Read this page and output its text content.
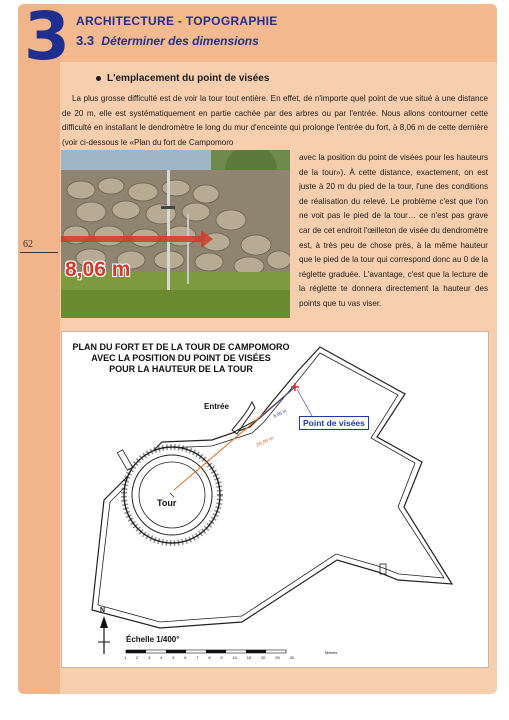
3 ARCHITECTURE - TOPOGRAPHIE
3.3 Déterminer des dimensions
62
L'emplacement du point de visées

La plus grosse difficulté est de voir la tour tout entière. En effet, de n'importe quel point de vue situé à une distance de 20 m, elle est systématiquement en partie cachée par des arbres ou par l'entrée. Nous allons contourner cette difficulté en installant le dendromètre le long du mur d'enceinte qui prolonge l'entrée du fort, à 8,06 m de cette dernière (voir ci-dessous le «Plan du fort de Campomoro

8,06 m

avec la position du point de visées pour les hauteurs de la tour»). À cette distance, exactement, on est juste à 20 m du pied de la tour, l'une des conditions de réalisation du relevé. Le problème c'est que l'on ne voit pas le pied de la tour… ce n'est pas grave car de cet endroit l'œilleton de visée du dendromètre est, à très peu de chose près, à la même hauteur que le pied de la tour qui correspond donc au 0 de la réglette graduée. L'avantage, c'est que la lecture de la réglette te donnera directement la hauteur des points que tu vas viser.

PLAN DU FORT ET DE LA TOUR DE CAMPOMORO
AVEC LA POSITION DU POINT DE VISÉES
POUR LA HAUTEUR DE LA TOUR
Entrée
Tour
Point de visées
8,06 m
20,00 m
Échelle 1/400°
N
1 2 3 4 5 6 7 8 9 10 15 20 25 30
Mètres
